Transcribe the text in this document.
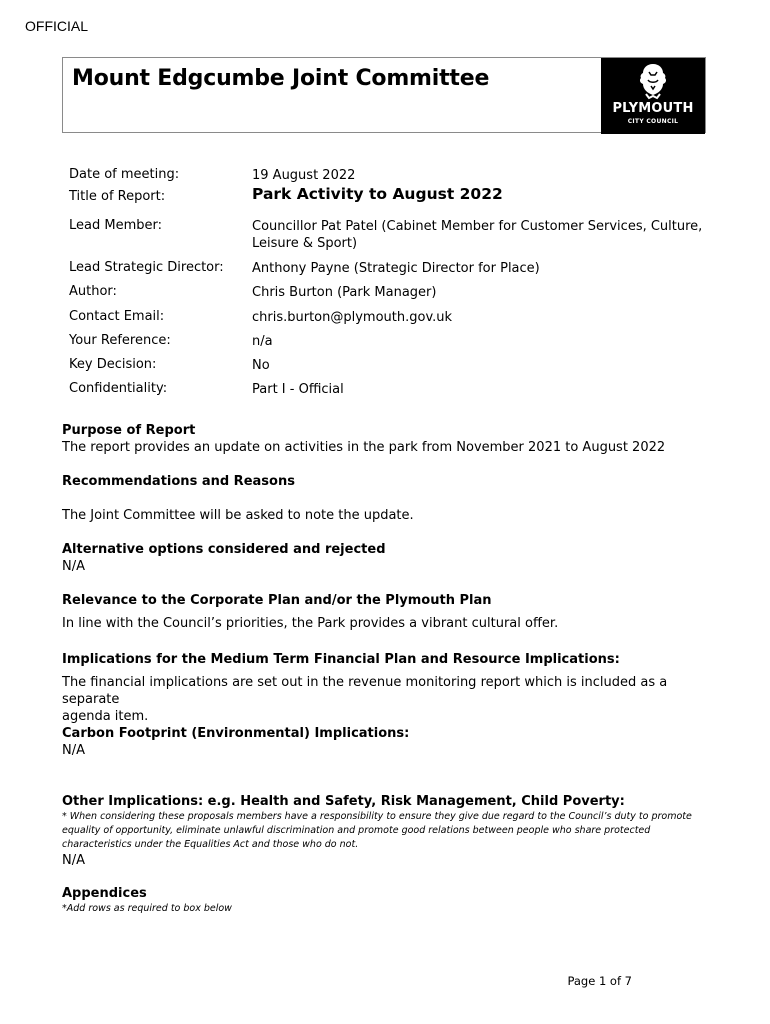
OFFICIAL
Mount Edgcumbe Joint Committee
PLYMOUTH
CITY COUNCIL
Date of meeting:	19 August 2022
Title of Report:	Park Activity to August 2022
Lead Member:	Councillor Pat Patel (Cabinet Member for Customer Services, Culture,
Leisure & Sport)
Lead Strategic Director:	Anthony Payne (Strategic Director for Place)
Author:	Chris Burton (Park Manager)
Contact Email:	chris.burton@plymouth.gov.uk
Your Reference:	n/a
Key Decision:	No
Confidentiality:	Part I - Official
Purpose of Report
The report provides an update on activities in the park from November 2021 to August 2022
Recommendations and Reasons
The Joint Committee will be asked to note the update.
Alternative options considered and rejected
N/A
Relevance to the Corporate Plan and/or the Plymouth Plan
In line with the Council’s priorities, the Park provides a vibrant cultural offer.
Implications for the Medium Term Financial Plan and Resource Implications:
The financial implications are set out in the revenue monitoring report which is included as a separate
agenda item.
Carbon Footprint (Environmental) Implications:
N/A
Other Implications: e.g. Health and Safety, Risk Management, Child Poverty:
* When considering these proposals members have a responsibility to ensure they give due regard to the Council’s duty to promote
equality of opportunity, eliminate unlawful discrimination and promote good relations between people who share protected
characteristics under the Equalities Act and those who do not.
N/A
Appendices
*Add rows as required to box below
Page 1 of 7
